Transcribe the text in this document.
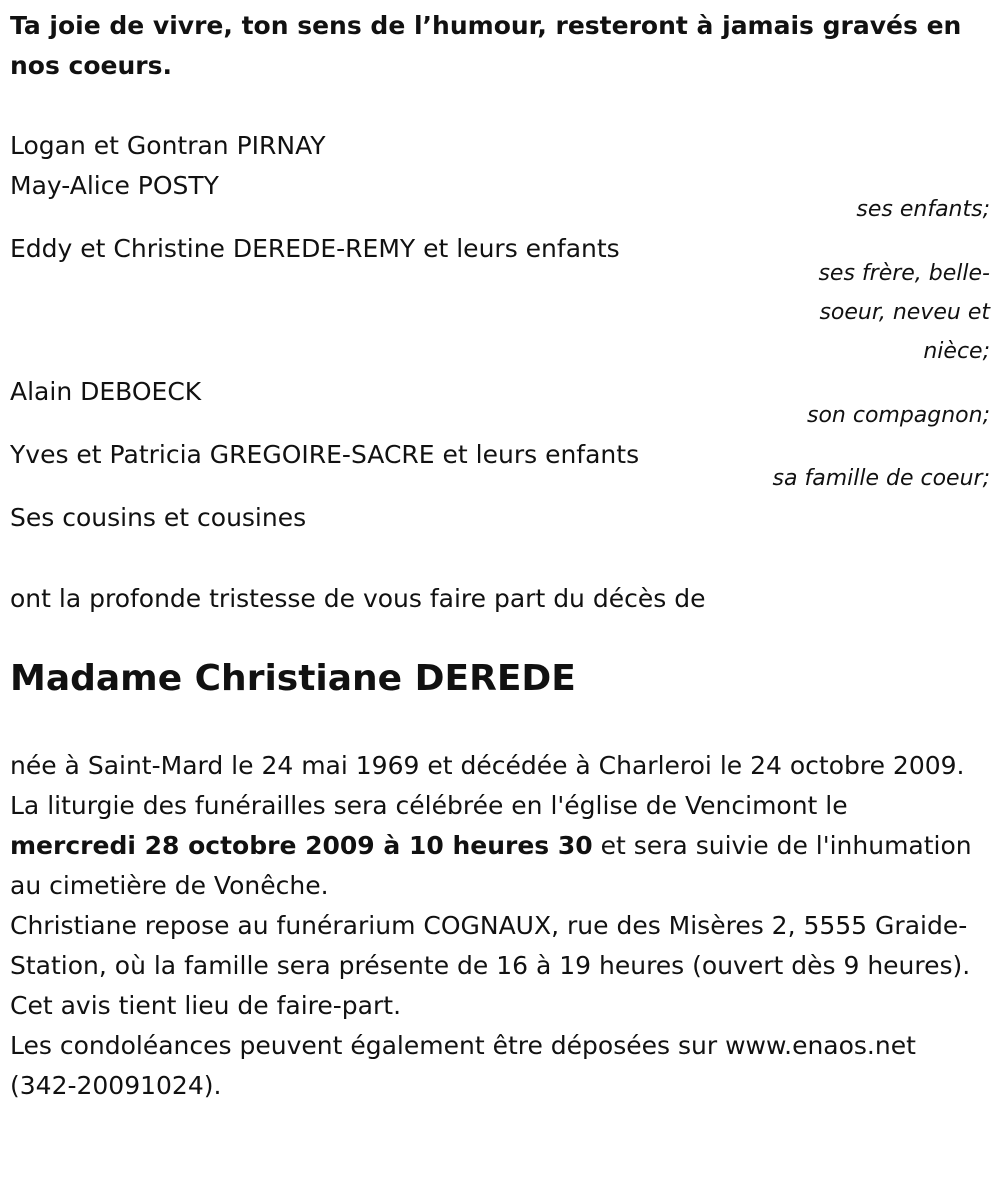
Ta joie de vivre, ton sens de l’humour, resteront à jamais gravés en nos coeurs.
Logan et Gontran PIRNAY
May-Alice POSTY
ses enfants;
Eddy et Christine DEREDE-REMY et leurs enfants
ses frère, belle-
soeur, neveu et
nièce;
Alain DEBOECK
son compagnon;
Yves et Patricia GREGOIRE-SACRE et leurs enfants
sa famille de coeur;
Ses cousins et cousines
ont la profonde tristesse de vous faire part du décès de
Madame Christiane DEREDE

née à Saint-Mard le 24 mai 1969 et décédée à Charleroi le 24 octobre 2009.

La liturgie des funérailles sera célébrée en l'église de Vencimont le
mercredi 28 octobre 2009 à 10 heures 30 et sera suivie de l'inhumation au cimetière de Vonêche.

Christiane repose au funérarium COGNAUX, rue des Misères 2, 5555 Graide-Station, où la famille sera présente de 16 à 19 heures (ouvert dès 9 heures).

Cet avis tient lieu de faire-part.

Les condoléances peuvent également être déposées sur www.enaos.net (342-20091024).
